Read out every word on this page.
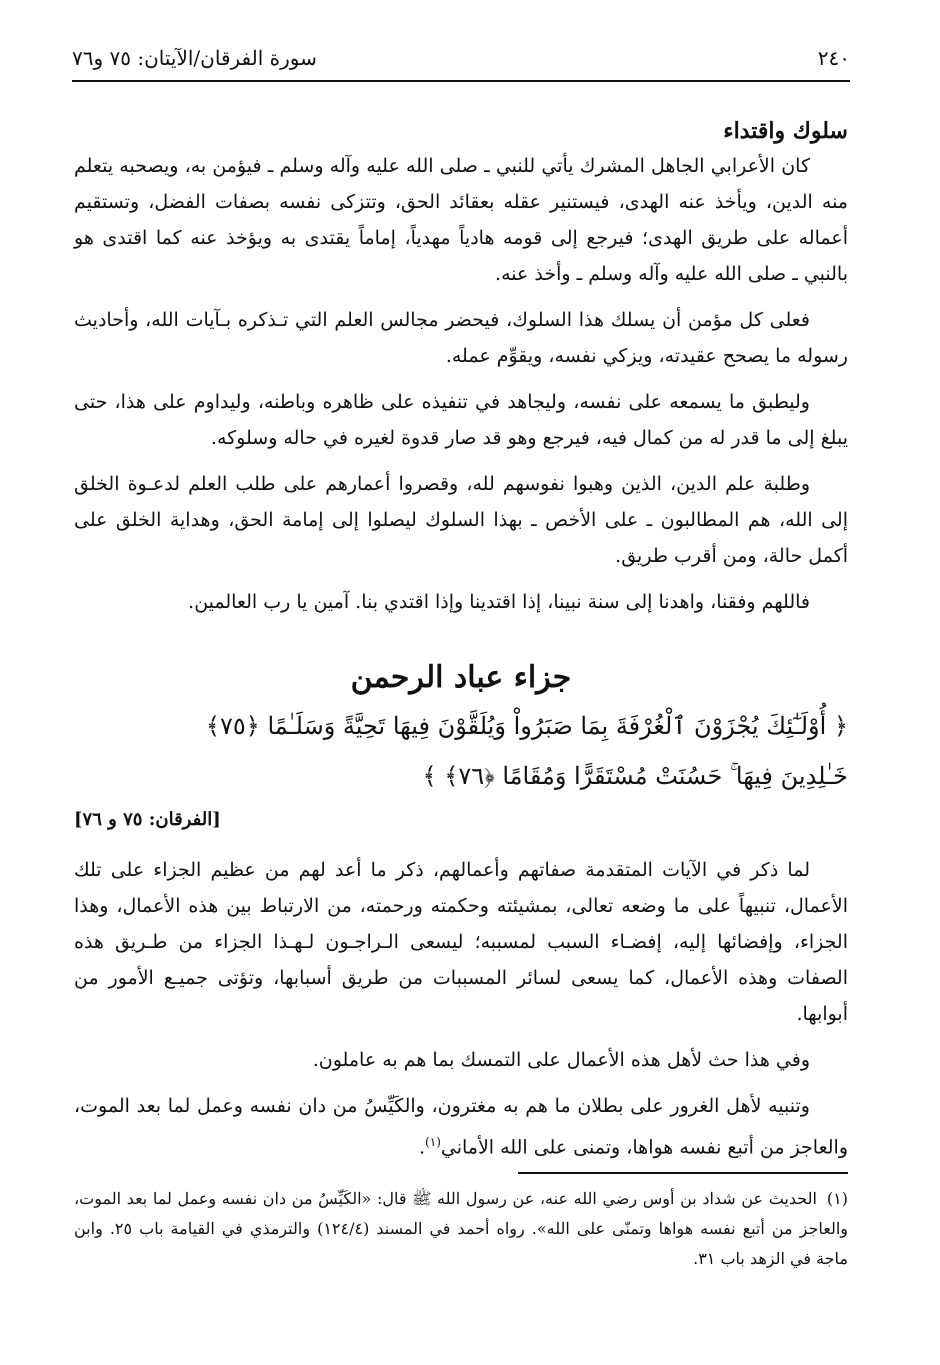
٢٤٠
سورة الفرقان/الآيتان: ٧٥ و٧٦

سلوك واقتداء

كان الأعرابي الجاهل المشرك يأتي للنبي ـ صلى الله عليه وآله وسلم ـ فيؤمن به، ويصحبه يتعلم منه الدين، ويأخذ عنه الهدى، فيستنير عقله بعقائد الحق، وتتزكى نفسه بصفات الفضل، وتستقيم أعماله على طريق الهدى؛ فيرجع إلى قومه هادياً مهدياً، إماماً يقتدى به ويؤخذ عنه كما اقتدى هو بالنبي ـ صلى الله عليه وآله وسلم ـ وأخذ عنه.

فعلى كل مؤمن أن يسلك هذا السلوك، فيحضر مجالس العلم التي تـذكره بـآيات الله، وأحاديث رسوله ما يصحح عقيدته، ويزكي نفسه، ويقوِّم عمله.

وليطبق ما يسمعه على نفسه، وليجاهد في تنفيذه على ظاهره وباطنه، وليداوم على هذا، حتى يبلغ إلى ما قدر له من كمال فيه، فيرجع وهو قد صار قدوة لغيره في حاله وسلوكه.

وطلبة علم الدين، الذين وهبوا نفوسهم لله، وقصروا أعمارهم على طلب العلم لدعـوة الخلق إلى الله، هم المطالبون ـ على الأخص ـ بهذا السلوك ليصلوا إلى إمامة الحق، وهداية الخلق على أكمل حالة، ومن أقرب طريق.

فاللهم وفقنا، واهدنا إلى سنة نبينا، إذا اقتدينا وإذا اقتدي بنا. آمين يا رب العالمين.

جزاء عباد الرحمن

﴿ أُوْلَـٰٓئِكَ يُجْزَوْنَ ٱلْغُرْفَةَ بِمَا صَبَرُواْ وَيُلَقَّوْنَ فِيهَا تَحِيَّةً وَسَلَـٰمًا ﴿٧٥﴾

خَـٰلِدِينَ فِيهَا ۚ حَسُنَتْ مُسْتَقَرًّا وَمُقَامًا ﴿٧٦﴾ ﴾

[الفرقان: ٧٥ و ٧٦]

لما ذكر في الآيات المتقدمة صفاتهم وأعمالهم، ذكر ما أعد لهم من عظيم الجزاء على تلك الأعمال، تنبيهاً على ما وضعه تعالى، بمشيئته وحكمته ورحمته، من الارتباط بين هذه الأعمال، وهذا الجزاء، وإفضائها إليه، إفضـاء السبب لمسببه؛ ليسعى الـراجـون لـهـذا الجزاء من طـريق هذه الصفات وهذه الأعمال، كما يسعى لسائر المسببات من طريق أسبابها، وتؤتى جميـع الأمور من أبوابها.

وفي هذا حث لأهل هذه الأعمال على التمسك بما هم به عاملون.

وتنبيه لأهل الغرور على بطلان ما هم به مغترون، والكَيِّسُ من دان نفسه وعمل لما بعد الموت، والعاجز من أتبع نفسه هواها، وتمنى على الله الأماني$^{(١)}$.

(١)الحديث عن شداد بن أوس رضي الله عنه، عن رسول الله ﷺ قال: «الكَيِّسُ من دان نفسه وعمل لما بعد الموت، والعاجز من أتبع نفسه هواها وتمنّى على الله». رواه أحمد في المسند (١٢٤/٤) والترمذي في القيامة باب ٢٥. وابن ماجة في الزهد باب ٣١.
